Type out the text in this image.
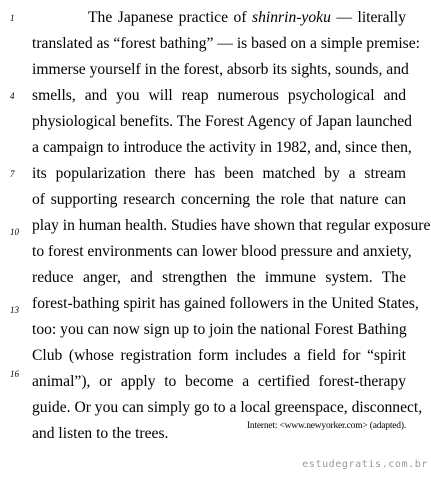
1
4
7
10
13
16
The Japanese practice of shinrin-yoku — literally
translated as “forest bathing” — is based on a simple premise:
immerse yourself in the forest, absorb its sights, sounds, and
smells, and you will reap numerous psychological and
physiological benefits. The Forest Agency of Japan launched
a campaign to introduce the activity in 1982, and, since then,
its popularization there has been matched by a stream
of supporting research concerning the role that nature can
play in human health. Studies have shown that regular exposure
to forest environments can lower blood pressure and anxiety,
reduce anger, and strengthen the immune system. The
forest-bathing spirit has gained followers in the United States,
too: you can now sign up to join the national Forest Bathing
Club (whose registration form includes a field for “spirit
animal”), or apply to become a certified forest-therapy
guide. Or you can simply go to a local greenspace, disconnect,
and listen to the trees.	Internet: <www.newyorker.com> (adapted).
estudegratis.com.br
